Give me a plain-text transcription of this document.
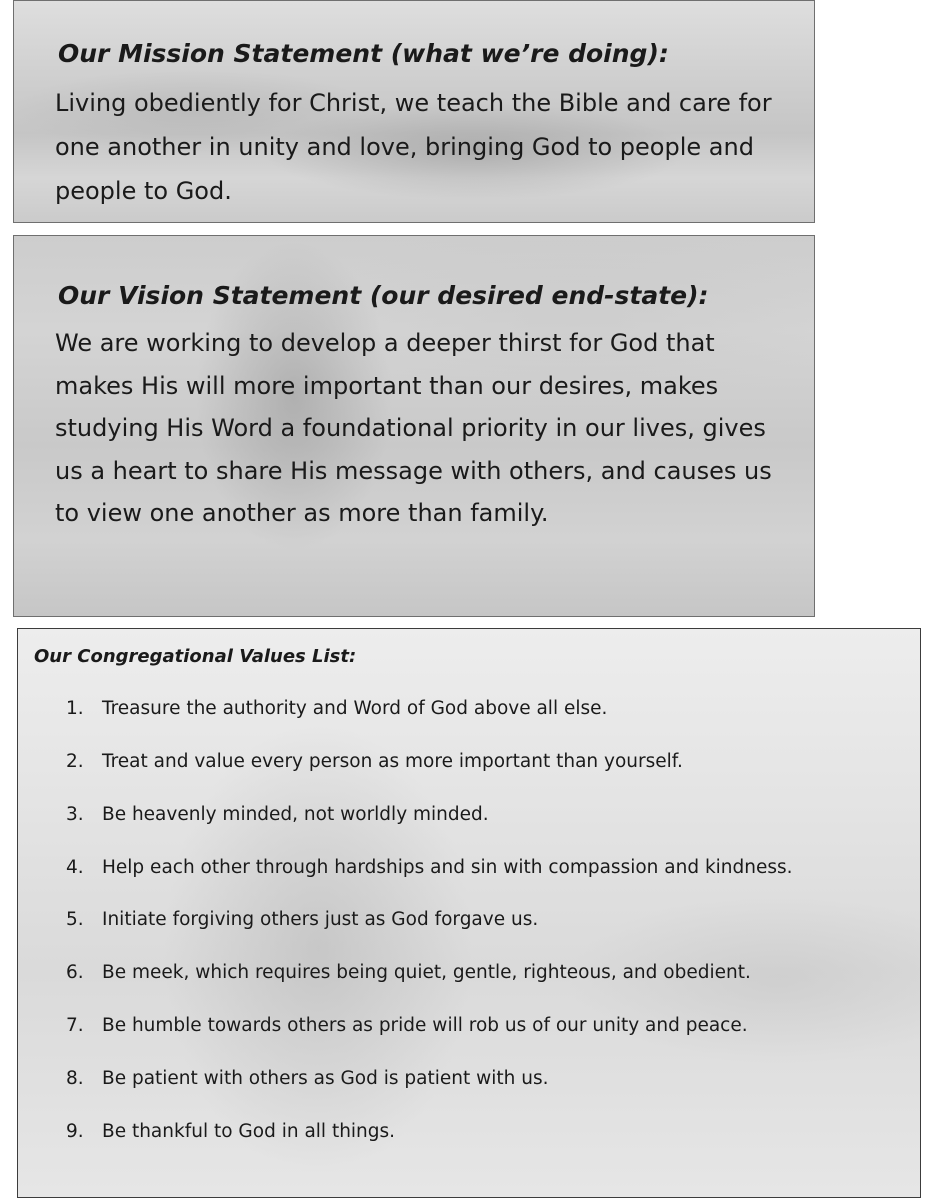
Our Mission Statement (what we’re doing):

Living obediently for Christ, we teach the Bible and care for one another in unity and love, bringing God to people and people to God.

Our Vision Statement (our desired end-state):

We are working to develop a deeper thirst for God that makes His will more important than our desires, makes studying His Word a foundational priority in our lives, gives us a heart to share His message with others, and causes us to view one another as more than family.

Our Congregational Values List:
1. Treasure the authority and Word of God above all else.
2. Treat and value every person as more important than yourself.
3. Be heavenly minded, not worldly minded.
4. Help each other through hardships and sin with compassion and kindness.
5. Initiate forgiving others just as God forgave us.
6. Be meek, which requires being quiet, gentle, righteous, and obedient.
7. Be humble towards others as pride will rob us of our unity and peace.
8. Be patient with others as God is patient with us.
9. Be thankful to God in all things.
